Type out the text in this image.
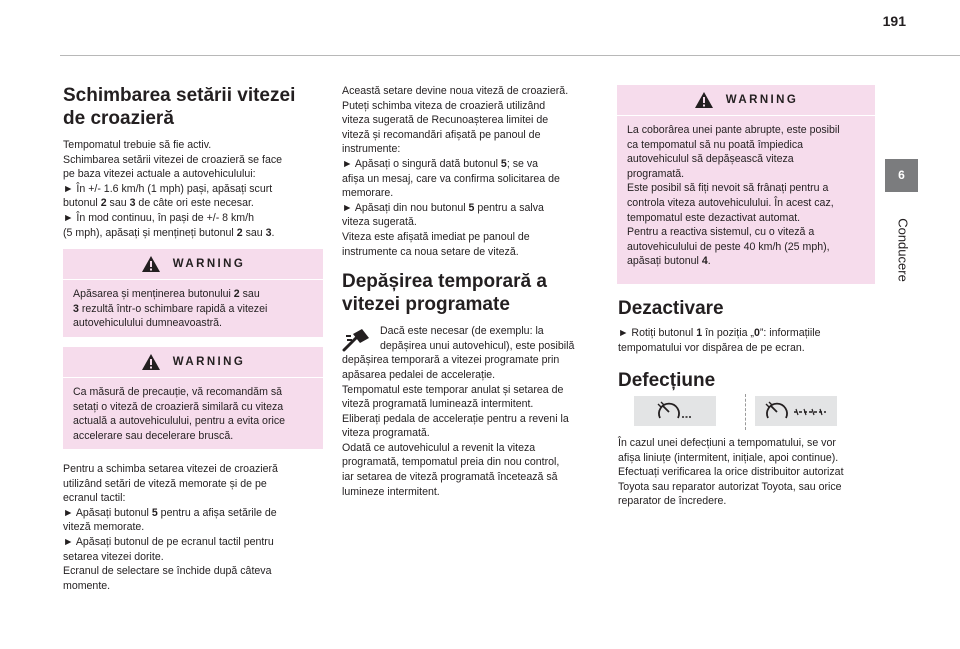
191
6
Conducere
Schimbarea setării vitezei
de croazieră

Tempomatul trebuie să fie activ.

Schimbarea setării vitezei de croazieră se face

pe baza vitezei actuale a autovehiculului:

► În +/- 1.6 km/h (1 mph) pași, apăsați scurt

butonul 2 sau 3 de câte ori este necesar.

► În mod continuu, în pași de +/- 8 km/h

(5 mph), apăsați și mențineți butonul 2 sau 3.

WARNING

Apăsarea și menținerea butonului 2 sau

3 rezultă într-o schimbare rapidă a vitezei

autovehiculului dumneavoastră.

WARNING

Ca măsură de precauție, vă recomandăm să

setați o viteză de croazieră similară cu viteza

actuală a autovehiculului, pentru a evita orice

accelerare sau decelerare bruscă.

Pentru a schimba setarea vitezei de croazieră

utilizând setări de viteză memorate și de pe

ecranul tactil:

► Apăsați butonul 5 pentru a afișa setările de

viteză memorate.

► Apăsați butonul de pe ecranul tactil pentru

setarea vitezei dorite.

Ecranul de selectare se închide după câteva

momente.

Această setare devine noua viteză de croazieră.

Puteți schimba viteza de croazieră utilizând

viteza sugerată de Recunoașterea limitei de

viteză și recomandări afișată pe panoul de

instrumente:

► Apăsați o singură dată butonul 5; se va

afișa un mesaj, care va confirma solicitarea de

memorare.

► Apăsați din nou butonul 5 pentru a salva

viteza sugerată.

Viteza este afișată imediat pe panoul de

instrumente ca noua setare de viteză.

Depășirea temporară a
vitezei programate

Dacă este necesar (de exemplu: la

depășirea unui autovehicul), este posibilă

depășirea temporară a vitezei programate prin

apăsarea pedalei de accelerație.

Tempomatul este temporar anulat și setarea de

viteză programată luminează intermitent.

Eliberați pedala de accelerație pentru a reveni la

viteza programată.

Odată ce autovehiculul a revenit la viteza

programată, tempomatul preia din nou control,

iar setarea de viteză programată încetează să

lumineze intermitent.

WARNING

La coborârea unei pante abrupte, este posibil

ca tempomatul să nu poată împiedica

autovehiculul să depășească viteza

programată.

Este posibil să fiți nevoit să frânați pentru a

controla viteza autovehiculului. În acest caz,

tempomatul este dezactivat automat.

Pentru a reactiva sistemul, cu o viteză a

autovehiculului de peste 40 km/h (25 mph),

apăsați butonul 4.

Dezactivare

► Rotiți butonul 1 în poziția „0”: informațiile

tempomatului vor dispărea de pe ecran.

Defecțiune

În cazul unei defecțiuni a tempomatului, se vor

afișa liniuțe (intermitent, inițiale, apoi continue).

Efectuați verificarea la orice distribuitor autorizat

Toyota sau reparator autorizat Toyota, sau orice

reparator de încredere.
